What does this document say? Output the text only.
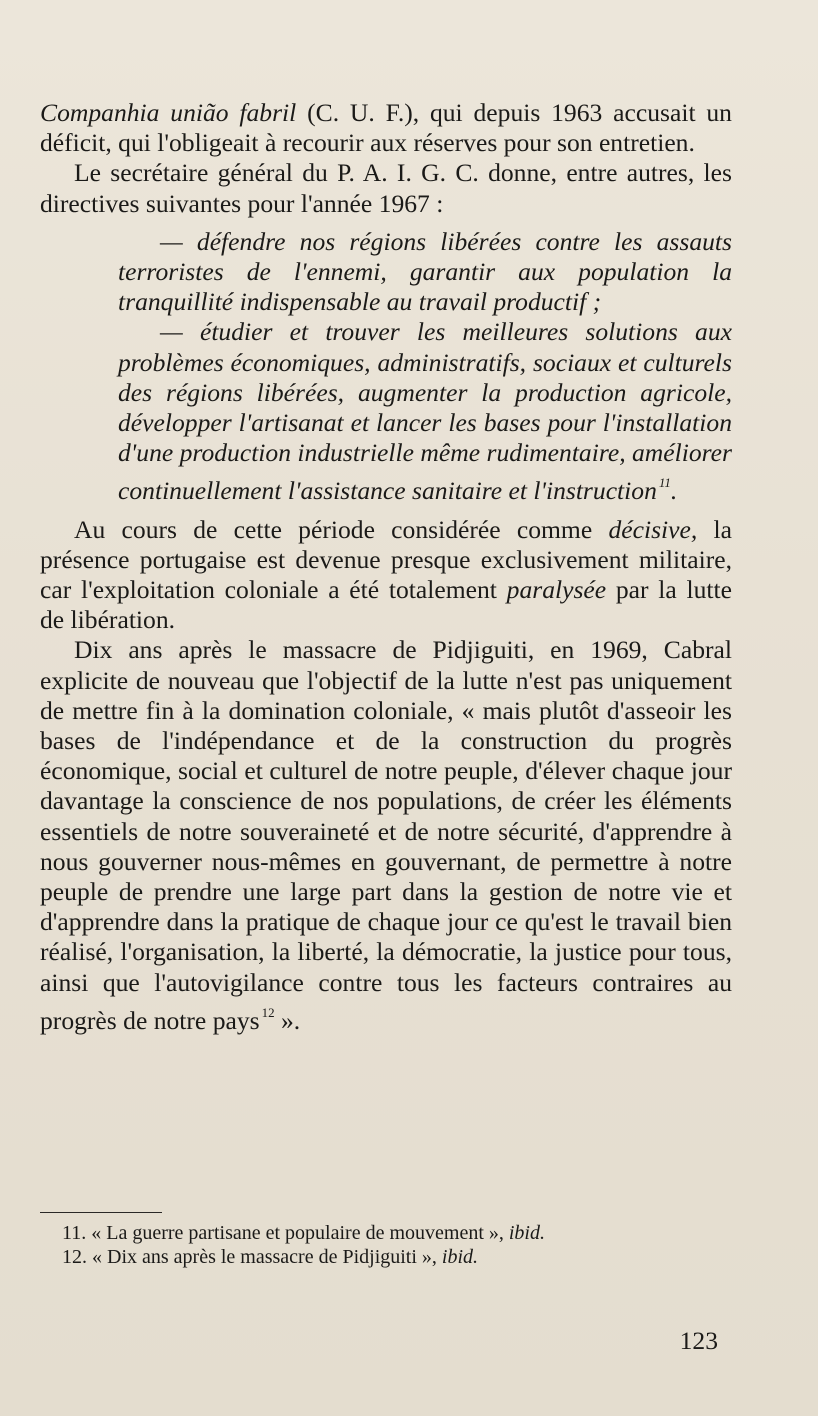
Companhia união fabril (C. U. F.), qui depuis 1963 accusait un déficit, qui l'obligeait à recourir aux réserves pour son entretien.

Le secrétaire général du P. A. I. G. C. donne, entre autres, les directives suivantes pour l'année 1967 :

— défendre nos régions libérées contre les assauts terroristes de l'ennemi, garantir aux population la tranquillité indispensable au travail productif ;

— étudier et trouver les meilleures solutions aux problèmes économiques, administratifs, sociaux et culturels des régions libérées, augmenter la production agricole, développer l'artisanat et lancer les bases pour l'installation d'une production industrielle même rudimentaire, améliorer continuellement l'assistance sanitaire et l'instruction $^{11}$.

Au cours de cette période considérée comme décisive, la présence portugaise est devenue presque exclusivement militaire, car l'exploitation coloniale a été totalement paralysée par la lutte de libération.

Dix ans après le massacre de Pidjiguiti, en 1969, Cabral explicite de nouveau que l'objectif de la lutte n'est pas uniquement de mettre fin à la domination coloniale, « mais plutôt d'asseoir les bases de l'indépendance et de la construction du progrès économique, social et culturel de notre peuple, d'élever chaque jour davantage la conscience de nos populations, de créer les éléments essentiels de notre souveraineté et de notre sécurité, d'apprendre à nous gouverner nous-mêmes en gouvernant, de permettre à notre peuple de prendre une large part dans la gestion de notre vie et d'apprendre dans la pratique de chaque jour ce qu'est le travail bien réalisé, l'organisation, la liberté, la démocratie, la justice pour tous, ainsi que l'autovigilance contre tous les facteurs contraires au progrès de notre pays $^{12}$ ».

11. « La guerre partisane et populaire de mouvement », ibid.

12. « Dix ans après le massacre de Pidjiguiti », ibid.

123
